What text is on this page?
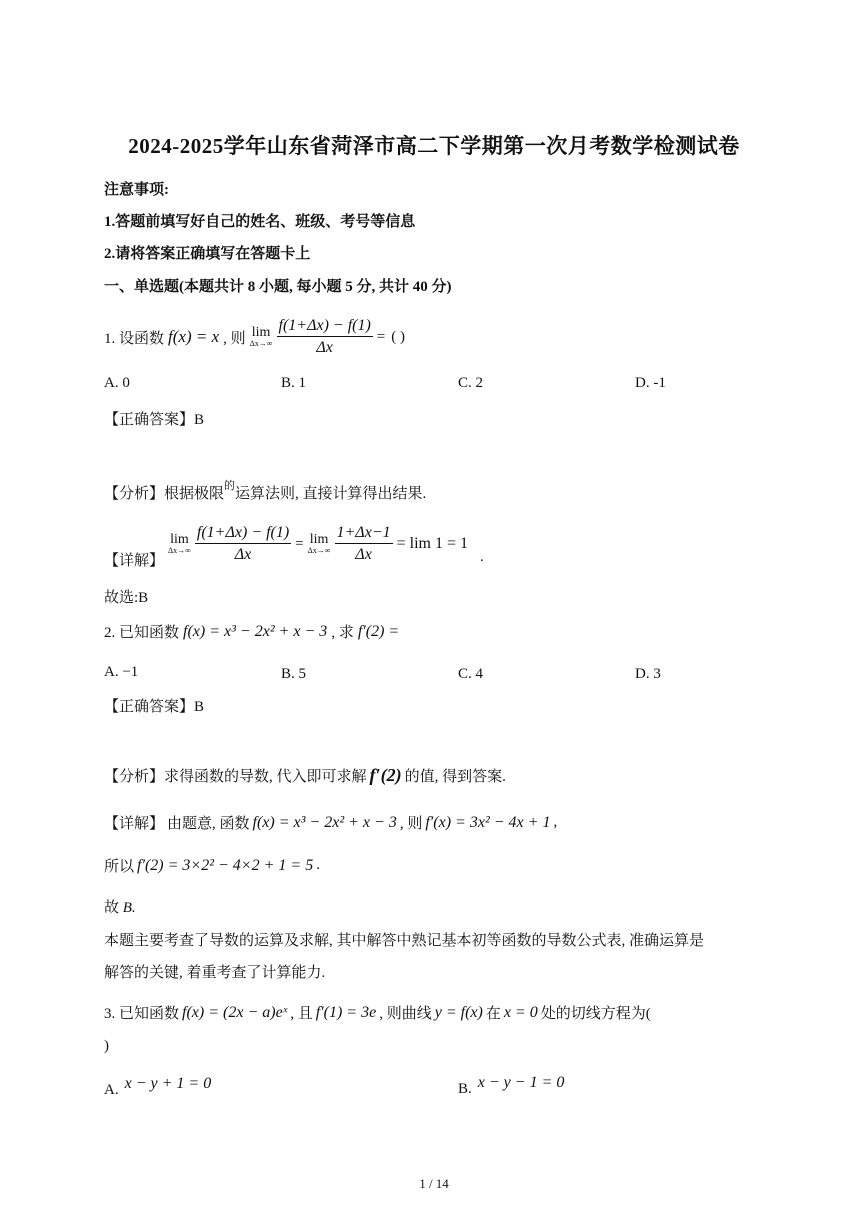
2024-2025学年山东省菏泽市高二下学期第一次月考数学检测试卷
注意事项:
1.答题前填写好自己的姓名、班级、考号等信息
2.请将答案正确填写在答题卡上
一、单选题(本题共计 8 小题, 每小题 5 分, 共计 40 分)
1. 设函数 f(x) = x , 则 lim
$\Delta x\to\infty \frac{f(1+\Delta x) - f(1)}{\Delta x}$ = ( )
A. 0	B. 1	C. 2	D. -1
【正确答案】B
【分析】根据极限$^的$运算法则, 直接计算得出结果.
【详解】
lim
$\Delta x\to\infty \frac{f(1+\Delta x) - f(1)}{\Delta x} = \lim$
$\Delta x\to\infty \frac{1+\Delta x-1}{\Delta x} = \lim 1 = 1$
.
故选:B
2. 已知函数 f(x) = x³ − 2x² + x − 3 , 求 f′(2) =
A. −1	B. 5	C. 4	D. 3
【正确答案】B
【分析】 求得函数的导数, 代入即可求解 f′(2) 的值, 得到答案.
【详解】 由题意, 函数 f(x) = x³ − 2x² + x − 3 , 则 f′(x) = 3x² − 4x + 1 ,
所以 f′(2) = 3×2² − 4×2 + 1 = 5 .
故 B.
本题主要考查了导数的运算及求解, 其中解答中熟记基本初等函数的导数公式表, 准确运算是
解答的关键, 着重考查了计算能力.
3. 已知函数 f(x) = (2x − a)eˣ , 且 f′(1) = 3e , 则曲线 y = f(x) 在 x = 0 处的切线方程为(
)
A. x − y + 1 = 0	B. x − y − 1 = 0
1 / 14
